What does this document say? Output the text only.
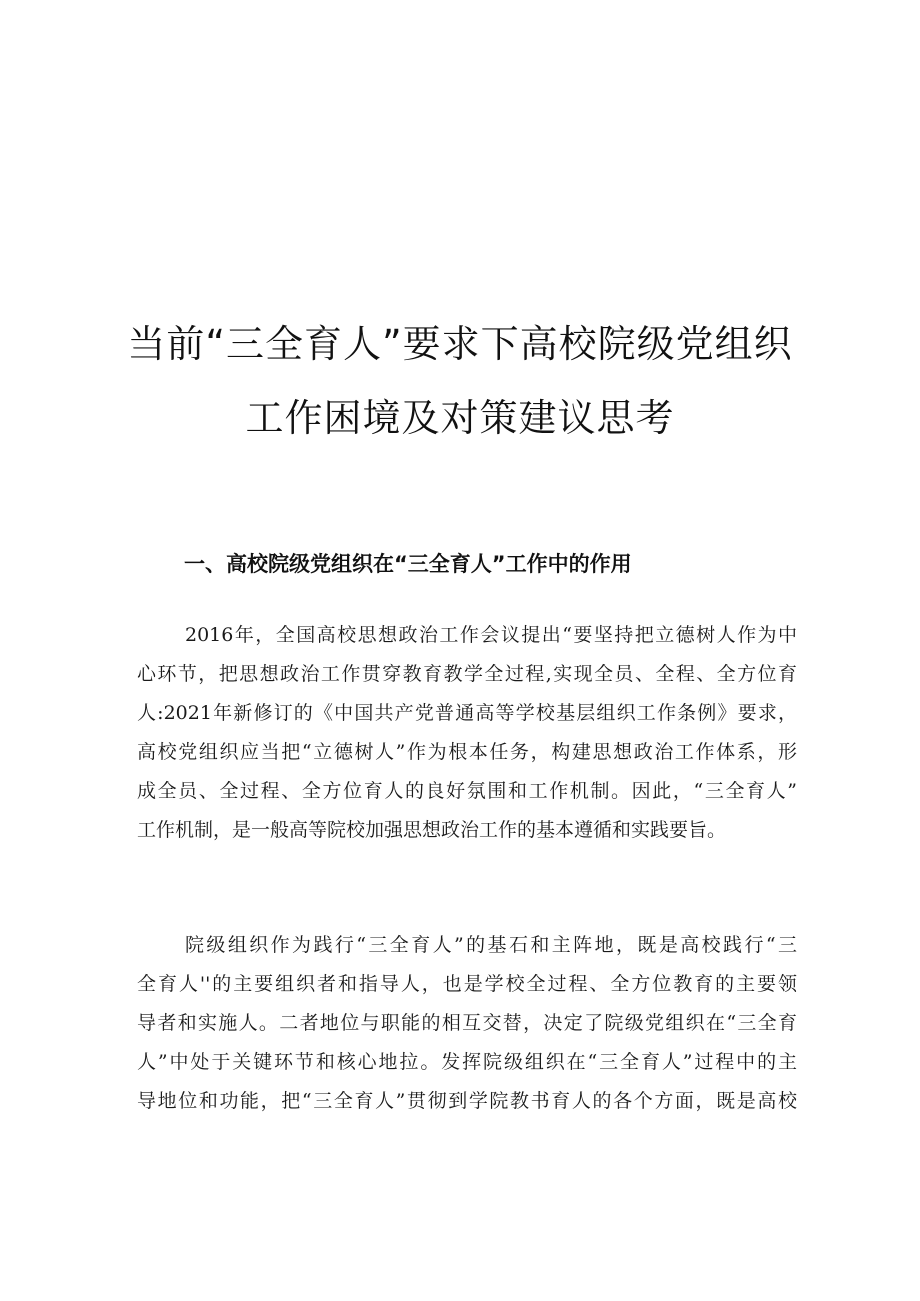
当前“三全育人”要求下高校院级党组织
工作困境及对策建议思考
一、高校院级党组织在“三全育人”工作中的作用
2016年，全国高校思想政治工作会议提出“要坚持把立德树人作为中
心环节，把思想政治工作贯穿教育教学全过程,实现全员、全程、全方位育
人:2021年新修订的《中国共产党普通高等学校基层组织工作条例》要求，
高校党组织应当把“立德树人”作为根本任务，构建思想政治工作体系，形
成全员、全过程、全方位育人的良好氛围和工作机制。因此，“三全育人”
工作机制，是一般高等院校加强思想政治工作的基本遵循和实践要旨。
院级组织作为践行“三全育人”的基石和主阵地，既是高校践行“三
全育人''的主要组织者和指导人，也是学校全过程、全方位教育的主要领
导者和实施人。二者地位与职能的相互交替，决定了院级党组织在“三全育
人”中处于关键环节和核心地拉。发挥院级组织在“三全育人”过程中的主
导地位和功能，把“三全育人”贯彻到学院教书育人的各个方面，既是高校
